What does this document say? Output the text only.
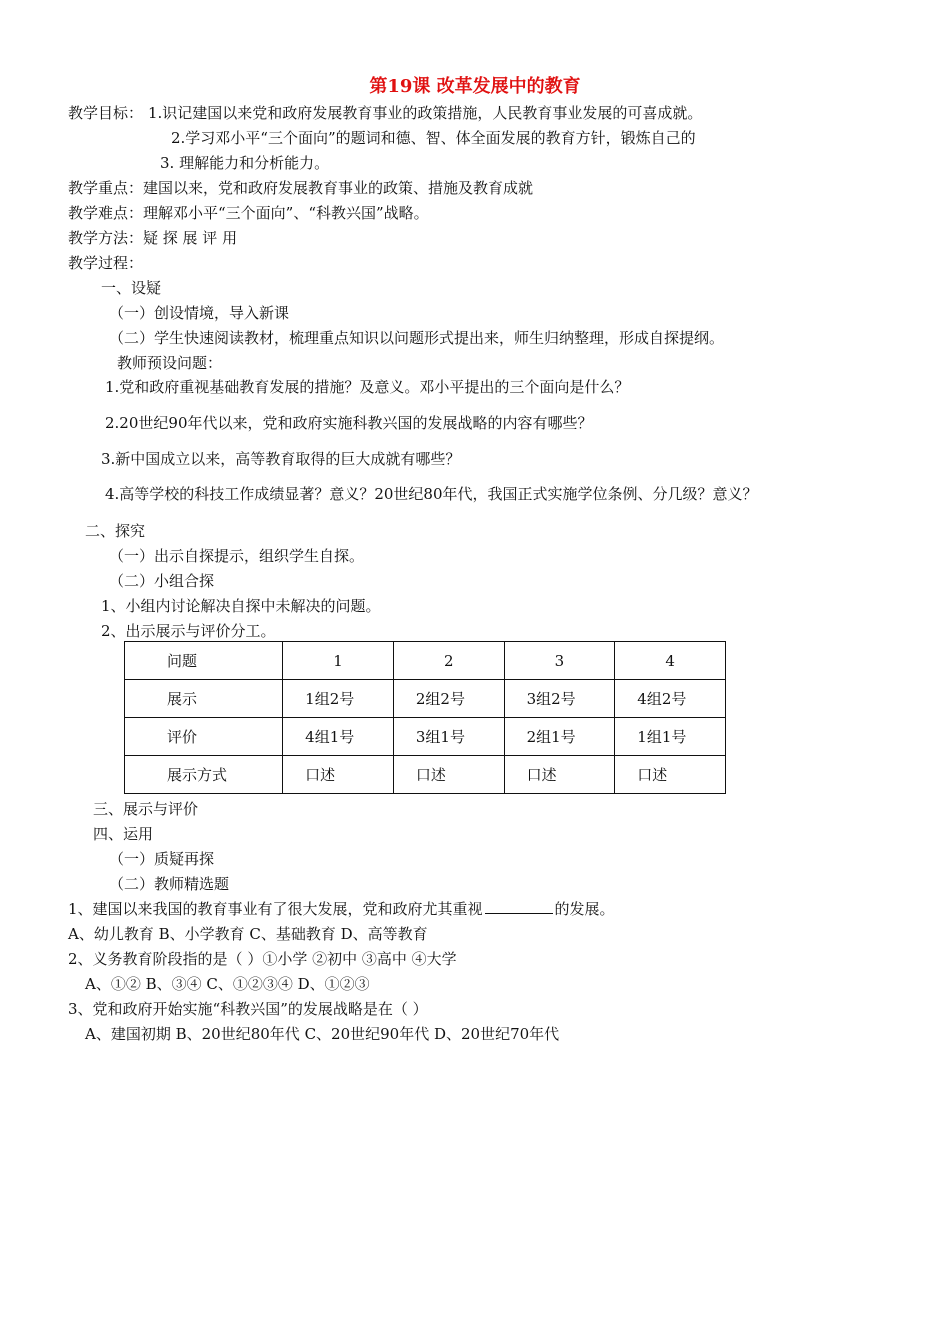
第19课 改革发展中的教育
教学目标： 1.识记建国以来党和政府发展教育事业的政策措施，人民教育事业发展的可喜成就。
2.学习邓小平“三个面向”的题词和德、智、体全面发展的教育方针，锻炼自己的
3. 理解能力和分析能力。
教学重点：建国以来，党和政府发展教育事业的政策、措施及教育成就
教学难点：理解邓小平“三个面向”、“科教兴国”战略。
教学方法：疑 探 展 评 用
教学过程：
一、设疑
（一）创设情境，导入新课
（二）学生快速阅读教材，梳理重点知识以问题形式提出来，师生归纳整理，形成自探提纲。
教师预设问题：
1.党和政府重视基础教育发展的措施？及意义。邓小平提出的三个面向是什么？
2.20世纪90年代以来，党和政府实施科教兴国的发展战略的内容有哪些？
3.新中国成立以来，高等教育取得的巨大成就有哪些？
4.高等学校的科技工作成绩显著？意义？20世纪80年代，我国正式实施学位条例、分几级？意义？
二、探究
（一）出示自探提示，组织学生自探。
（二）小组合探
1、小组内讨论解决自探中未解决的问题。
2、出示展示与评价分工。
问题	1	2	3	4
展示	1组2号	2组2号	3组2号	4组2号
评价	4组1号	3组1号	2组1号	1组1号
展示方式	口述	口述	口述	口述
三、展示与评价
四、运用
（一）质疑再探
（二）教师精选题
1、建国以来我国的教育事业有了很大发展，党和政府尤其重视	的发展。
A、幼儿教育 B、小学教育 C、基础教育 D、高等教育
2、义务教育阶段指的是（ ）①小学 ②初中 ③高中 ④大学
A、①② B、③④ C、①②③④ D、①②③
3、党和政府开始实施“科教兴国”的发展战略是在（ ）
A、建国初期 B、20世纪80年代 C、20世纪90年代 D、20世纪70年代
